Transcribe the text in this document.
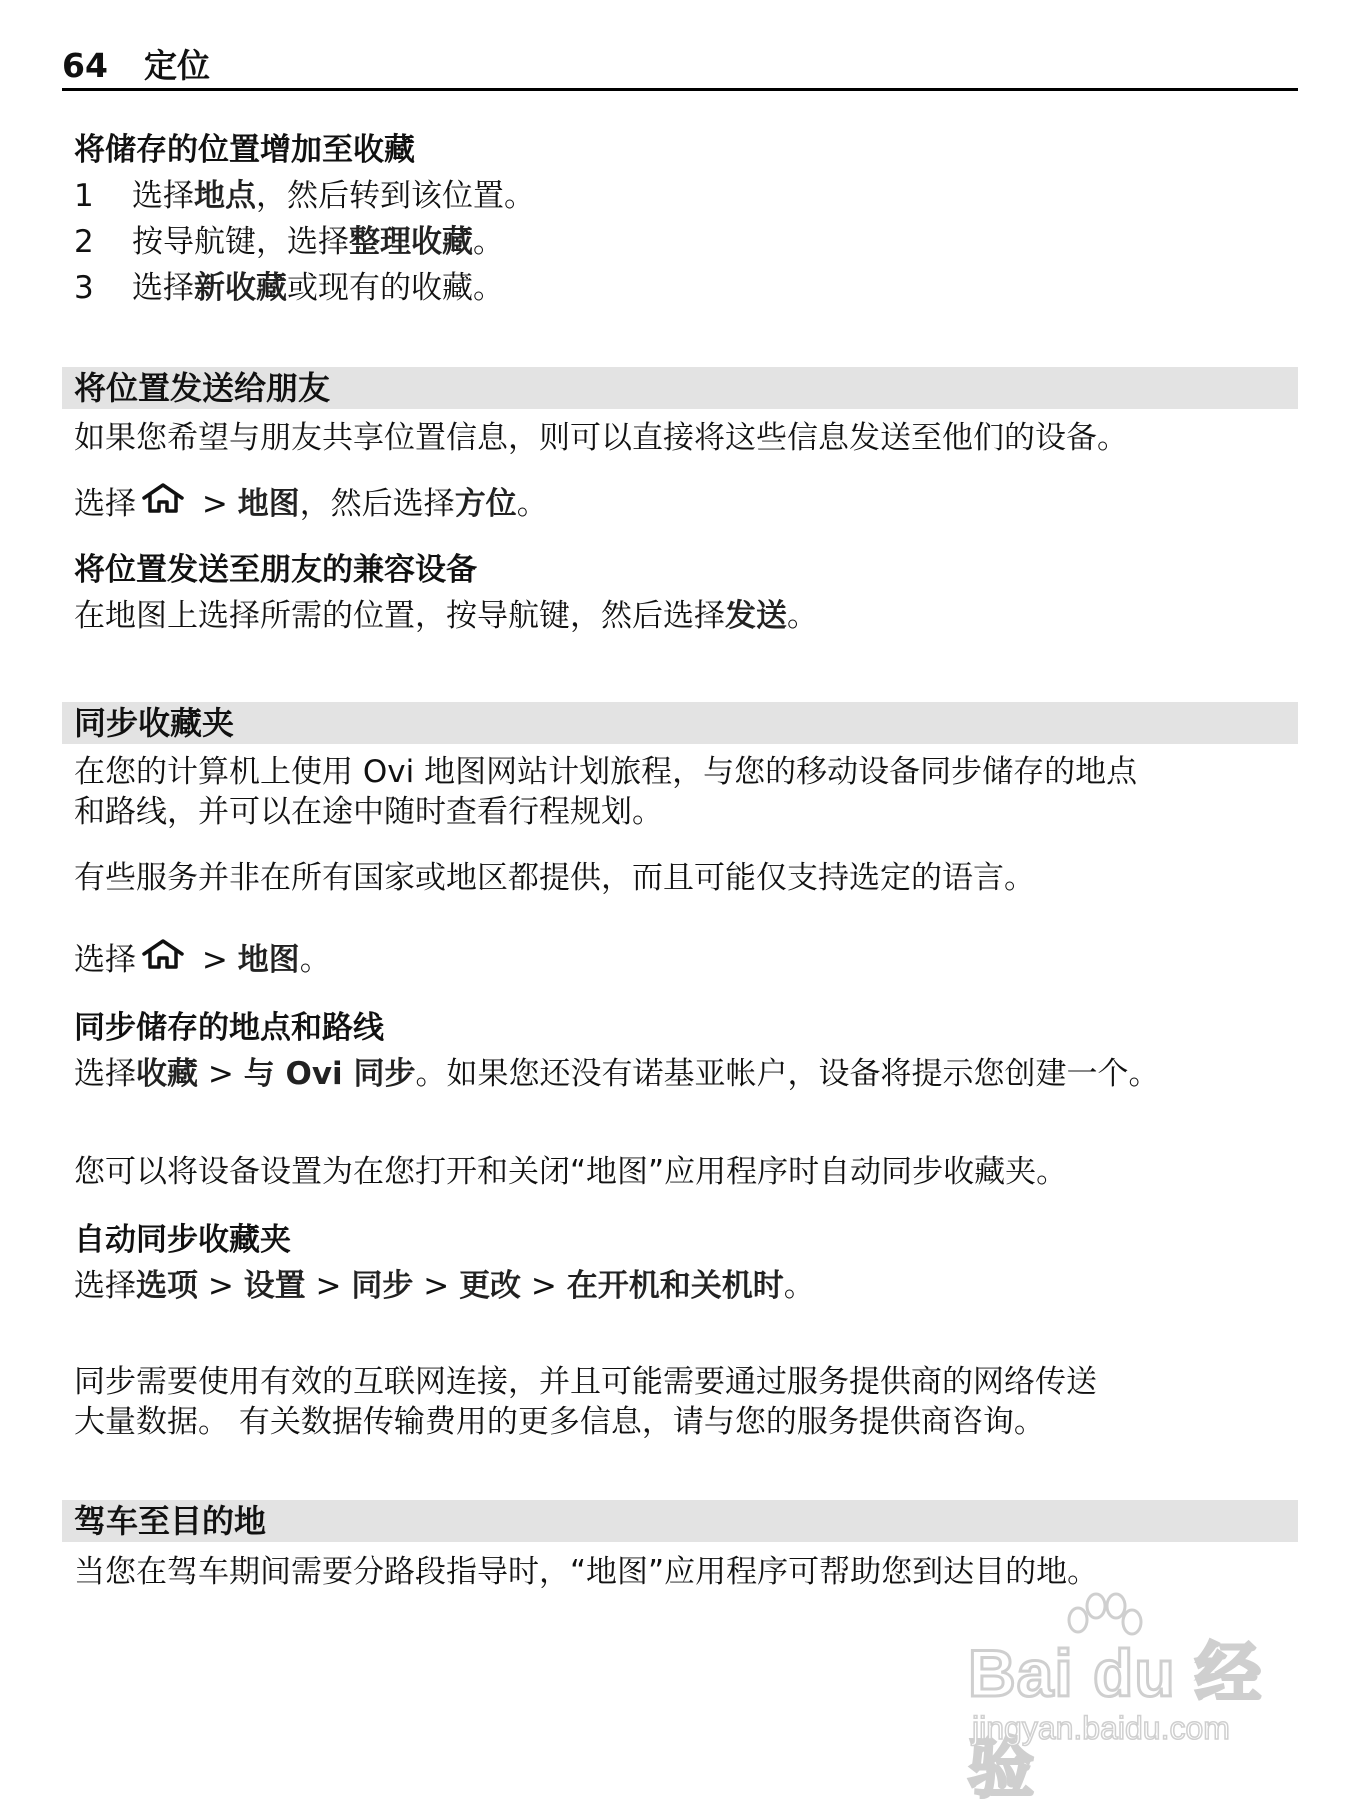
64 定位
将储存的位置增加至收藏
1 选择地点，然后转到该位置。
2 按导航键，选择整理收藏。
3 选择新收藏或现有的收藏。
将位置发送给朋友
如果您希望与朋友共享位置信息，则可以直接将这些信息发送至他们的设备。
选择 > 地图，然后选择方位。
将位置发送至朋友的兼容设备
在地图上选择所需的位置，按导航键，然后选择发送。
同步收藏夹
在您的计算机上使用 Ovi 地图网站计划旅程，与您的移动设备同步储存的地点
和路线，并可以在途中随时查看行程规划。
有些服务并非在所有国家或地区都提供，而且可能仅支持选定的语言。
选择 > 地图。
同步储存的地点和路线
选择收藏 > 与 Ovi 同步。如果您还没有诺基亚帐户，设备将提示您创建一个。
您可以将设备设置为在您打开和关闭“地图”应用程序时自动同步收藏夹。
自动同步收藏夹
选择选项 > 设置 > 同步 > 更改 > 在开机和关机时。
同步需要使用有效的互联网连接，并且可能需要通过服务提供商的网络传送
大量数据。 有关数据传输费用的更多信息，请与您的服务提供商咨询。
驾车至目的地
当您在驾车期间需要分路段指导时，“地图”应用程序可帮助您到达目的地。
Bai du 经验
jingyan.baidu.com
